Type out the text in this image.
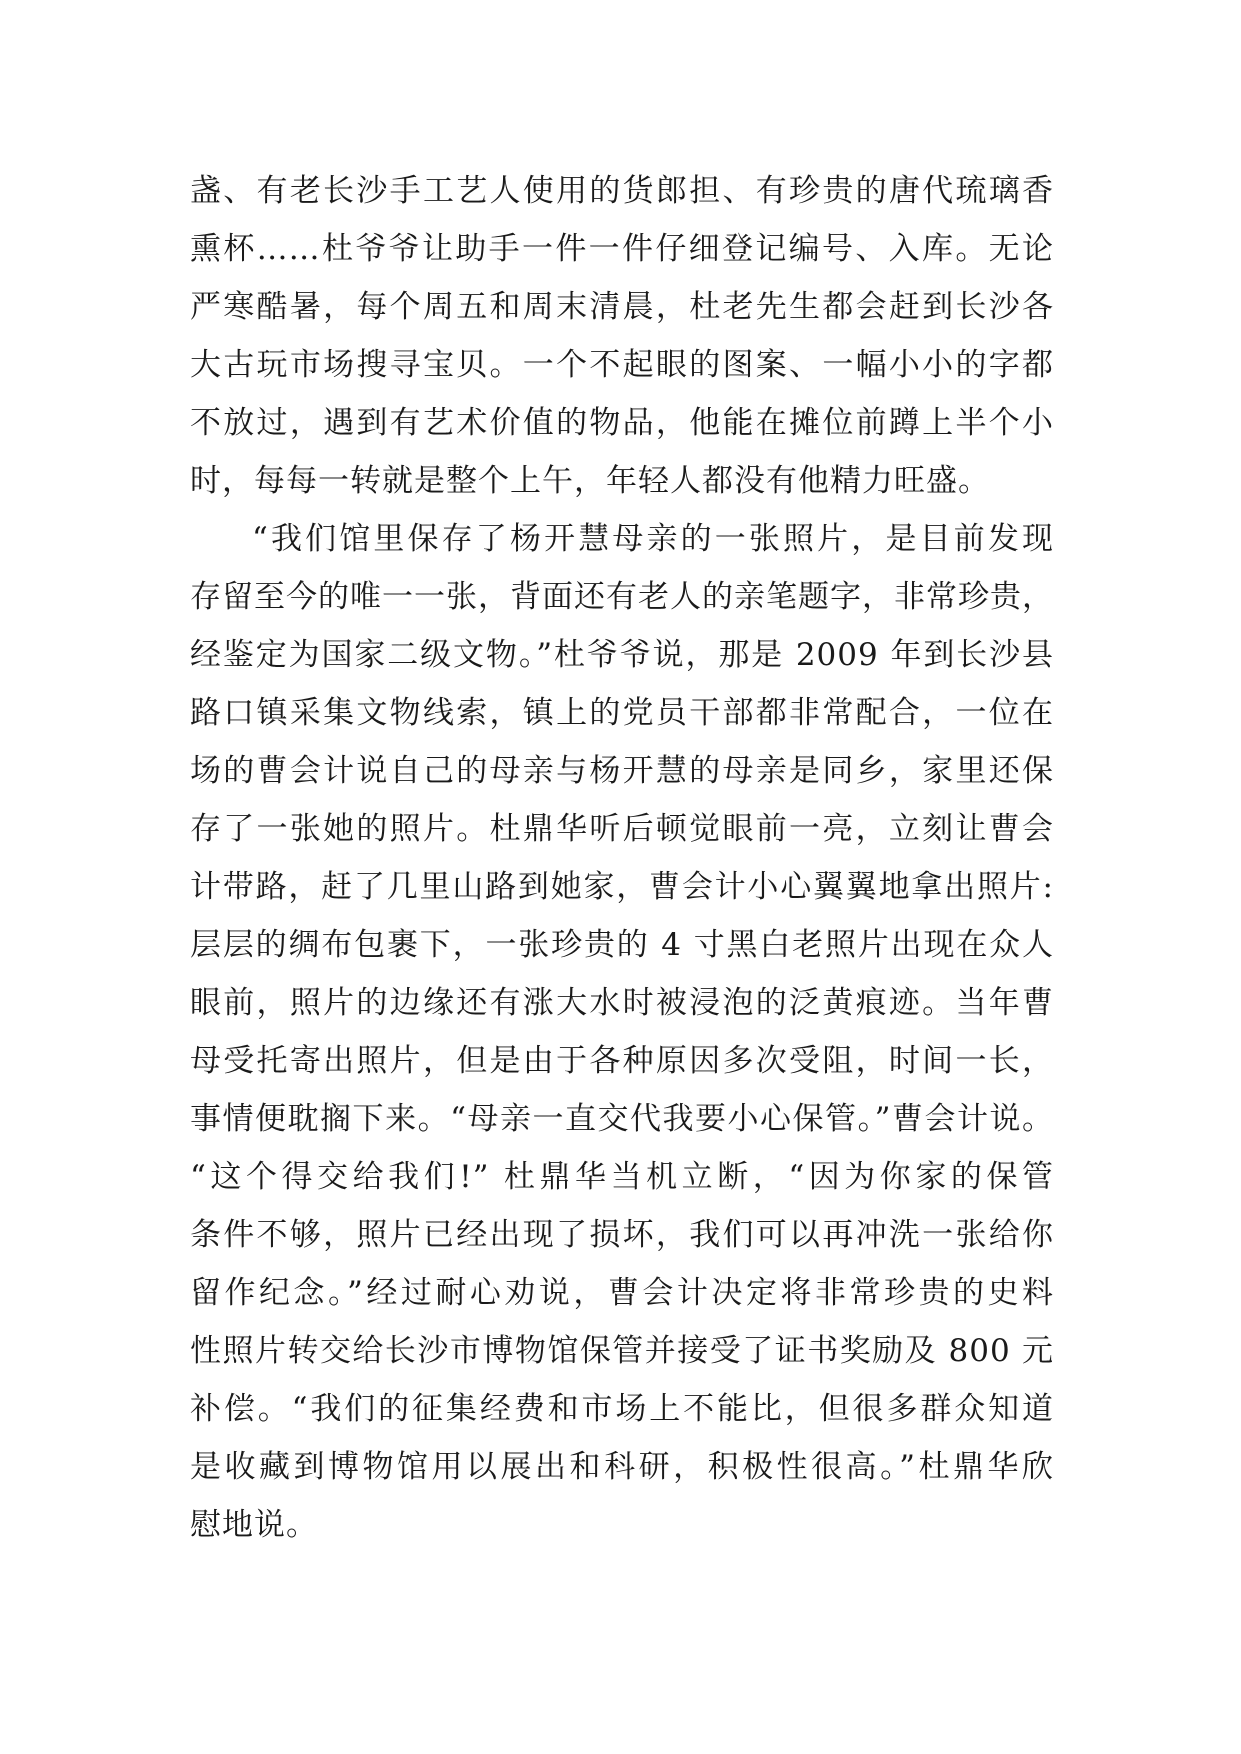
盏、有老长沙手工艺人使用的货郎担、有珍贵的唐代琉璃香
熏杯……杜爷爷让助手一件一件仔细登记编号、入库。无论
严寒酷暑，每个周五和周末清晨，杜老先生都会赶到长沙各
大古玩市场搜寻宝贝。一个不起眼的图案、一幅小小的字都
不放过，遇到有艺术价值的物品，他能在摊位前蹲上半个小
时，每每一转就是整个上午，年轻人都没有他精力旺盛。
“我们馆里保存了杨开慧母亲的一张照片，是目前发现
存留至今的唯一一张，背面还有老人的亲笔题字，非常珍贵，
经鉴定为国家二级文物。”杜爷爷说，那是 2009 年到长沙县
路口镇采集文物线索，镇上的党员干部都非常配合，一位在
场的曹会计说自己的母亲与杨开慧的母亲是同乡，家里还保
存了一张她的照片。杜鼎华听后顿觉眼前一亮，立刻让曹会
计带路，赶了几里山路到她家，曹会计小心翼翼地拿出照片:
层层的绸布包裹下，一张珍贵的 4 寸黑白老照片出现在众人
眼前，照片的边缘还有涨大水时被浸泡的泛黄痕迹。当年曹
母受托寄出照片，但是由于各种原因多次受阻，时间一长，
事情便耽搁下来。“母亲一直交代我要小心保管。”曹会计说。
“这个得交给我们!” 杜鼎华当机立断，“因为你家的保管
条件不够，照片已经出现了损坏，我们可以再冲洗一张给你
留作纪念。”经过耐心劝说，曹会计决定将非常珍贵的史料
性照片转交给长沙市博物馆保管并接受了证书奖励及 800 元
补偿。“我们的征集经费和市场上不能比，但很多群众知道
是收藏到博物馆用以展出和科研，积极性很高。”杜鼎华欣
慰地说。
